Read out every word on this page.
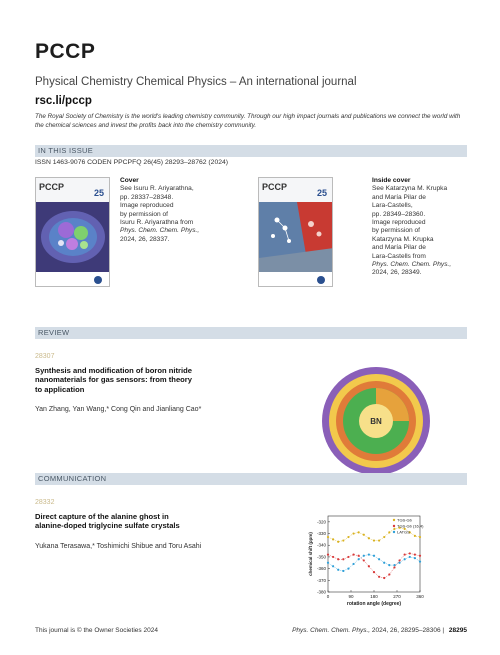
PCCP
Physical Chemistry Chemical Physics – An international journal
rsc.li/pccp
The Royal Society of Chemistry is the world's leading chemistry community. Through our high impact journals and publications we connect the world with the chemical sciences and invest the profits back into the chemistry community.
IN THIS ISSUE
ISSN 1463-9076 CODEN PPCPFQ 26(45) 28293–28762 (2024)
PCCP
25
Cover
See Isuru R. Ariyarathna,
pp. 28337–28348.
Image reproduced
by permission of
Isuru R. Ariyarathna from
Phys. Chem. Chem. Phys.,
2024, 26, 28337.
PCCP
25
Inside cover
See Katarzyna M. Krupka
and María Pilar de
Lara-Castells,
pp. 28349–28360.
Image reproduced
by permission of
Katarzyna M. Krupka
and María Pilar de
Lara-Castells from
Phys. Chem. Chem. Phys.,
2024, 26, 28349.
REVIEW
28307
Synthesis and modification of boron nitride
nanomaterials for gas sensors: from theory
to application
Yan Zhang, Yan Wang,* Cong Qin and Jianliang Cao*
BN
COMMUNICATION
28332
Direct capture of the alanine ghost in
alanine-doped triglycine sulfate crystals
Yukana Terasawa,* Toshimichi Shibue and Toru Asahi
0	90	180	270	360
-320
-330
-340
-350
-360
-370
-380
TGS-Gb
TGS-Gb (16.4)
LATGS
rotation angle (degree)
chemical shift (ppm)
This journal is © the Owner Societies 2024	Phys. Chem. Chem. Phys., 2024, 26, 28295–28306 | 28295
